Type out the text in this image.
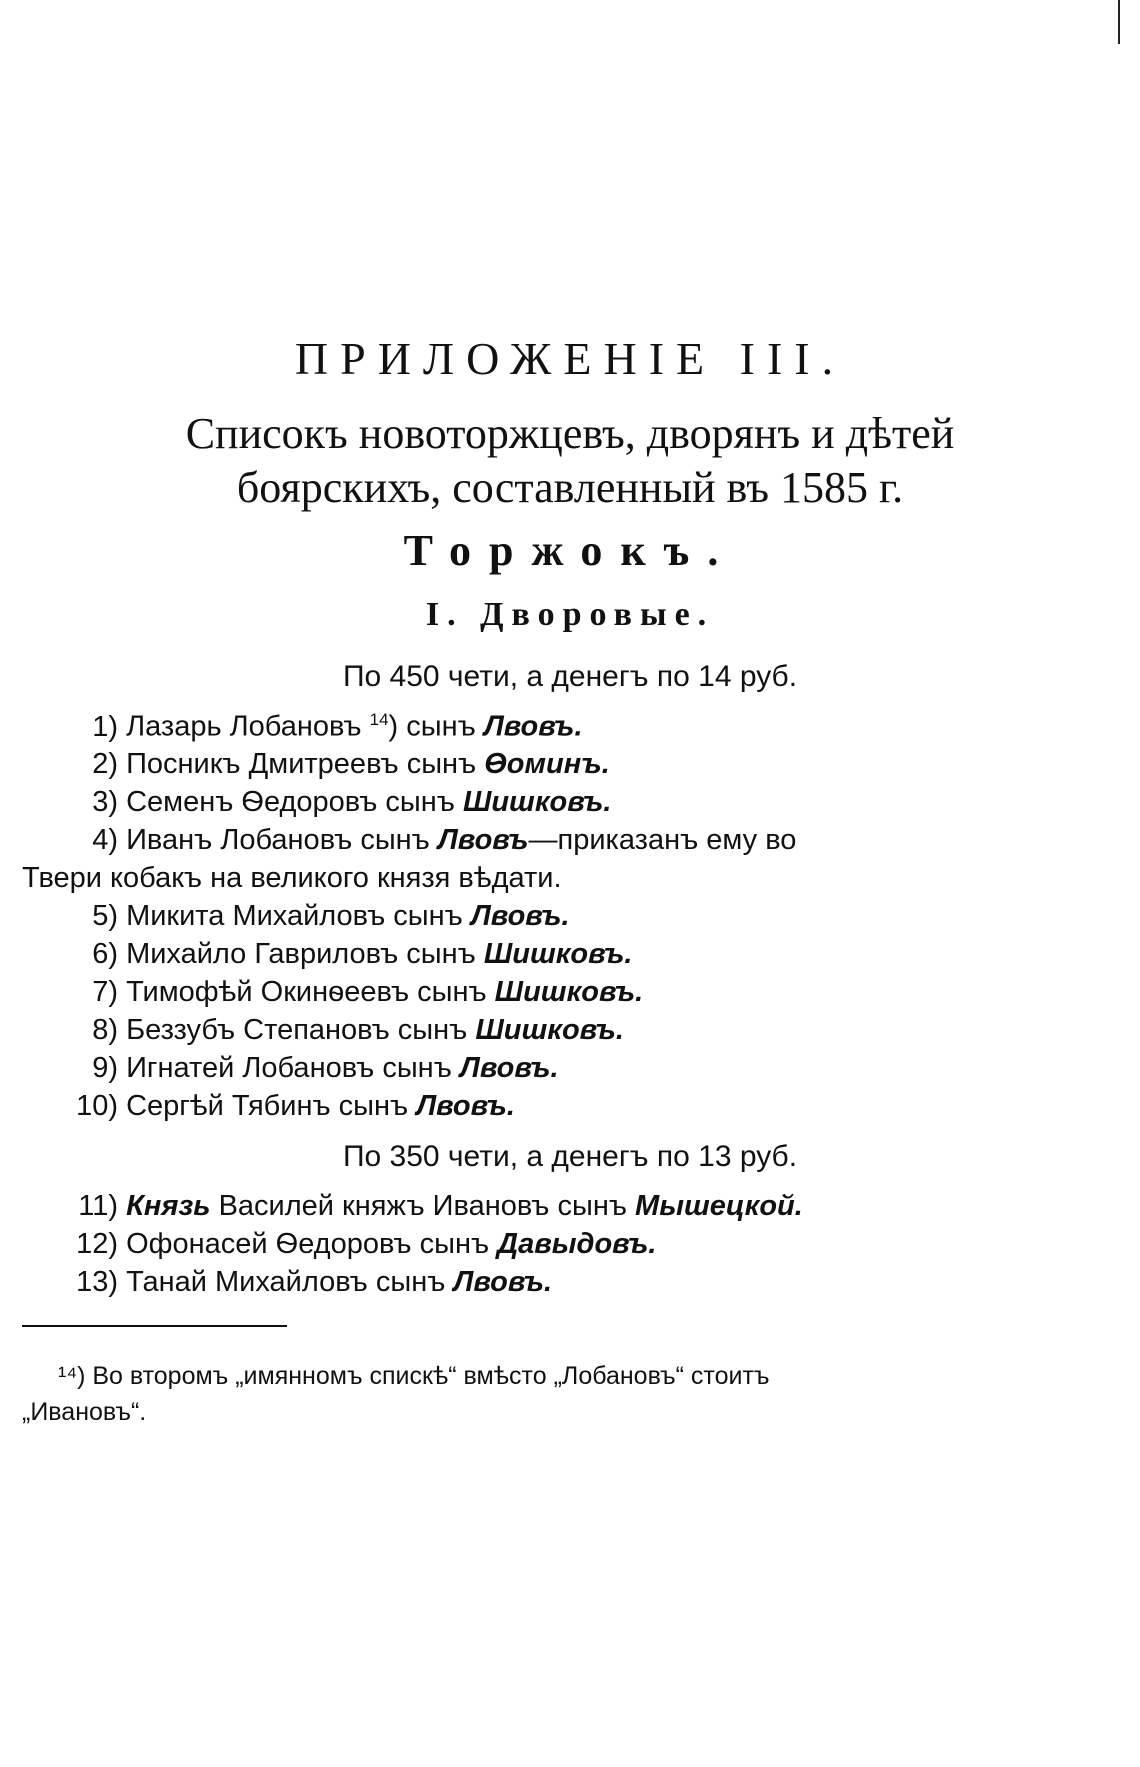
ПРИЛОЖЕНІЕ III.
Списокъ новоторжцевъ, дворянъ и дѣтей
боярскихъ, составленный въ 1585 г.
Торжокъ.
I. Дворовые.
По 450 чети, а денегъ по 14 руб.
1) Лазарь Лобановъ $^{14}$) сынъ Лвовъ.
2) Посникъ Дмитреевъ сынъ Ѳоминъ.
3) Семенъ Ѳедоровъ сынъ Шишковъ.
4) Иванъ Лобановъ сынъ Лвовъ—приказанъ ему во
Твери кобакъ на великого князя вѣдати.
5) Микита Михайловъ сынъ Лвовъ.
6) Михайло Гавриловъ сынъ Шишковъ.
7) Тимофѣй Окинѳеевъ сынъ Шишковъ.
8) Беззубъ Степановъ сынъ Шишковъ.
9) Игнатей Лобановъ сынъ Лвовъ.
10) Сергѣй Тябинъ сынъ Лвовъ.
По 350 чети, а денегъ по 13 руб.
11) Князь Василей княжъ Ивановъ сынъ Мышецкой.
12) Офонасей Ѳедоровъ сынъ Давыдовъ.
13) Танай Михайловъ сынъ Лвовъ.
¹⁴) Во второмъ „имянномъ спискѣ“ вмѣсто „Лобановъ“ стоитъ
„Ивановъ“.
